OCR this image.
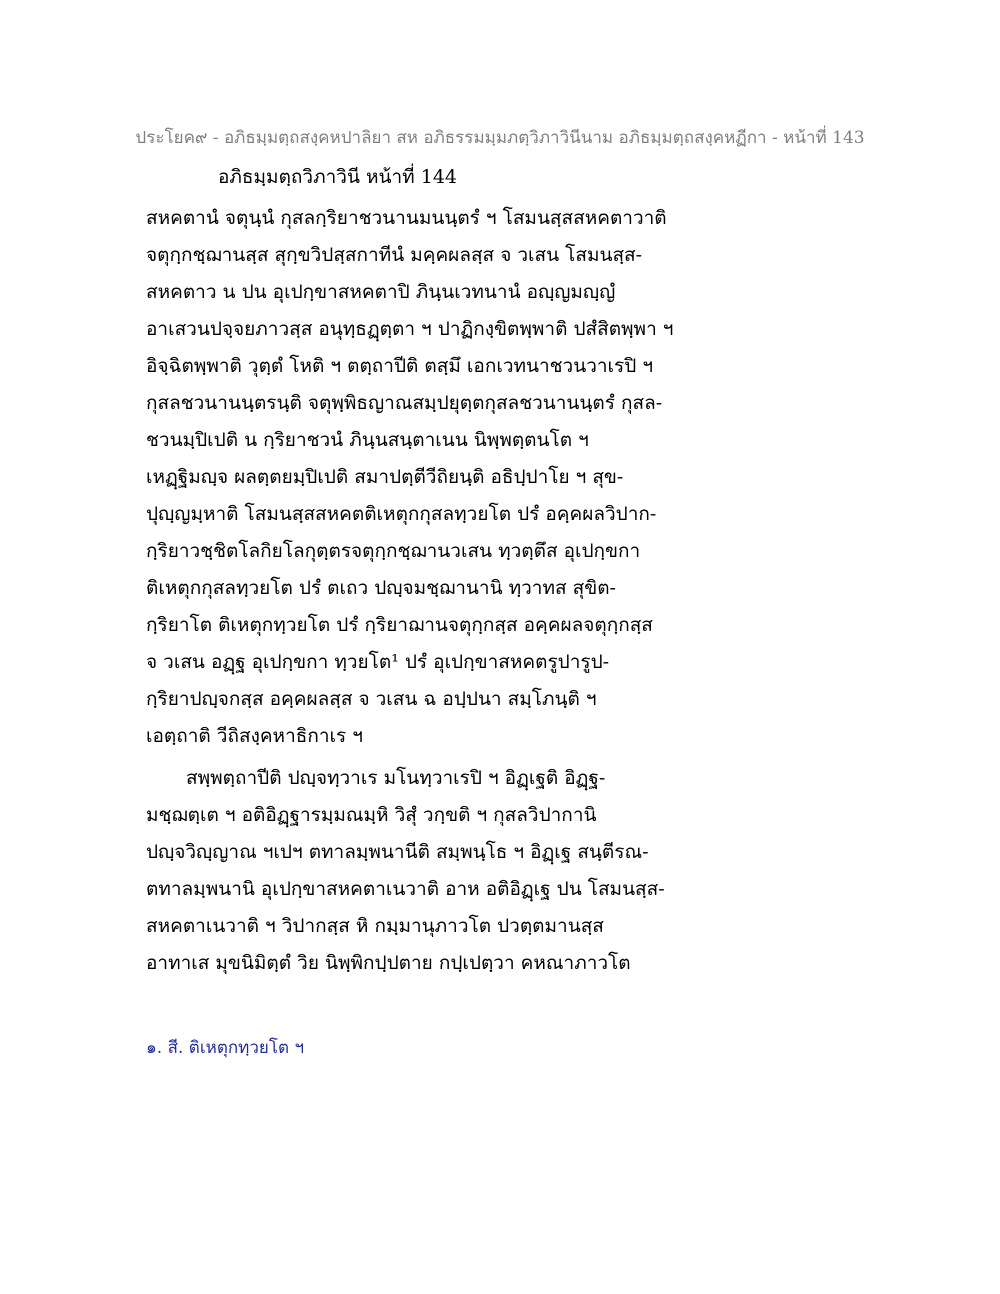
ประโยค๙ - อภิธมฺมตฺถสงฺคหปาลิยา สห อภิธรรมมฺมภตฺวิภาวินีนาม อภิธมฺมตฺถสงฺคหฏีกา - หน้าที่ 143
อภิธมฺมตฺถวิภาวินี หน้าที่ 144
สหคตานํ จตุนฺนํ กุสลกฺริยาชวนานมนนฺตรํ ฯ โสมนสฺสสหคตาวาติ
จตุกฺกชฺฌานสฺส สุกฺขวิปสฺสกาทีนํ มคฺคผลสฺส จ วเสน โสมนสฺส-
สหคตาว น ปน อุเปกฺขาสหคตาปิ ภินฺนเวทนานํ อญฺญมญฺญํ
อาเสวนปจฺจยภาวสฺส อนุทฺธฏฺตฺตา ฯ ปาฏิกงฺขิตพฺพาติ ปสํสิตพฺพา ฯ
อิจฺฉิตพฺพาติ วุตฺตํ โหติ ฯ ตตฺถาปีติ ตสฺมึ เอกเวทนาชวนวาเรปิ ฯ
กุสลชวนานนฺตรนฺติ จตุพฺพิธญาณสมฺปยุตฺตกุสลชวนานนฺตรํ กุสล-
ชวนมฺปิเปติ น กฺริยาชวนํ ภินฺนสนฺตาเนน นิพฺพตฺตนโต ฯ
เหฏฺฐิมญฺจ ผลตฺตยมฺปิเปติ สมาปตฺตีวีถิยนฺติ อธิปฺปาโย ฯ สุข-
ปุญฺญมฺหาติ โสมนสฺสสหคตติเหตุกกุสลทฺวยโต ปรํ อคฺคผลวิปาก-
กฺริยาวชฺชิตโลกิยโลกุตฺตรจตุกฺกชฺฌานวเสน ทฺวตฺตึส อุเปกฺขกา
ติเหตุกกุสลทฺวยโต ปรํ ตเถว ปญฺจมชฺฌานานิ ทฺวาทส สุขิต-
กฺริยาโต ติเหตุกทฺวยโต ปรํ กฺริยาฌานจตุกฺกสฺส อคฺคผลจตุกฺกสฺส
จ วเสน อฏฺฐ อุเปกฺขกา ทฺวยโต¹ ปรํ อุเปกฺขาสหคตรูปารูป-
กฺริยาปญฺจกสฺส อคฺคผลสฺส จ วเสน ฉ อปฺปนา สมฺโภนฺติ ฯ
เอตฺถาติ วีถิสงฺคหาธิกาเร ฯ
สพฺพตฺถาปีติ ปญฺจทฺวาเร มโนทฺวาเรปิ ฯ อิฏฺเฐติ อิฏฺฐ-
มชฺฌตฺเต ฯ อติอิฏฺฐารมฺมณมฺหิ วิสุํ วกฺขติ ฯ กุสลวิปากานิ
ปญฺจวิญฺญาณ ฯเปฯ ตทาลมฺพนานีติ สมฺพนฺโธ ฯ อิฏฺเฐ สนฺตีรณ-
ตทาลมฺพนานิ อุเปกฺขาสหคตาเนวาติ อาห อติอิฏฺเฐ ปน โสมนสฺส-
สหคตาเนวาติ ฯ วิปากสฺส หิ กมฺมานุภาวโต ปวตฺตมานสฺส
อาทาเส มุขนิมิตฺตํ วิย นิพฺพิกปฺปตาย กปฺเปตฺวา คหณาภาวโต
๑. สี. ติเหตุกทฺวยโต ฯ
